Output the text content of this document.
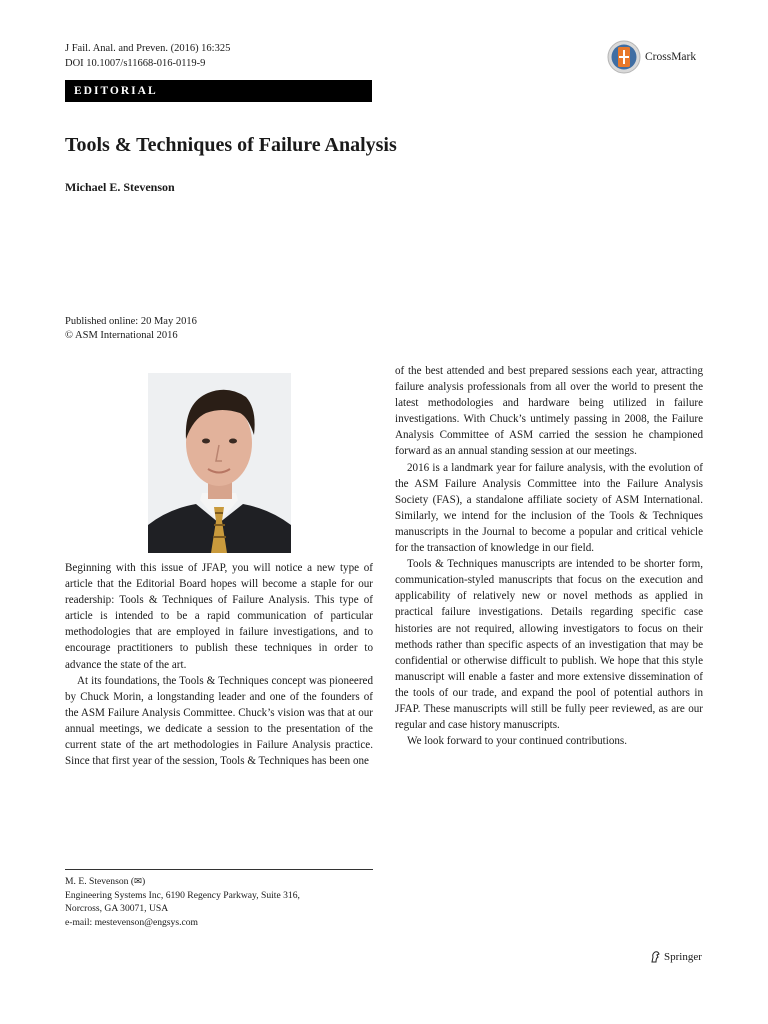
J Fail. Anal. and Preven. (2016) 16:325
DOI 10.1007/s11668-016-0119-9
CrossMark
EDITORIAL
Tools & Techniques of Failure Analysis
Michael E. Stevenson
Published online: 20 May 2016
© ASM International 2016

Beginning with this issue of JFAP, you will notice a new type of article that the Editorial Board hopes will become a staple for our readership: Tools & Techniques of Failure Analysis. This type of article is intended to be a rapid communication of particular methodologies that are employed in failure investigations, and to encourage practitioners to publish these techniques in order to advance the state of the art.

At its foundations, the Tools & Techniques concept was pioneered by Chuck Morin, a longstanding leader and one of the founders of the ASM Failure Analysis Committee. Chuck’s vision was that at our annual meetings, we dedicate a session to the presentation of the current state of the art methodologies in Failure Analysis practice. Since that first year of the session, Tools & Techniques has been one

of the best attended and best prepared sessions each year, attracting failure analysis professionals from all over the world to present the latest methodologies and hardware being utilized in failure investigations. With Chuck’s untimely passing in 2008, the Failure Analysis Committee of ASM carried the session he championed forward as an annual standing session at our meetings.

2016 is a landmark year for failure analysis, with the evolution of the ASM Failure Analysis Committee into the Failure Analysis Society (FAS), a standalone affiliate society of ASM International. Similarly, we intend for the inclusion of the Tools & Techniques manuscripts in the Journal to become a popular and critical vehicle for the transaction of knowledge in our field.

Tools & Techniques manuscripts are intended to be shorter form, communication-styled manuscripts that focus on the execution and applicability of relatively new or novel methods as applied in practical failure investigations. Details regarding specific case histories are not required, allowing investigators to focus on their methods rather than specific aspects of an investigation that may be confidential or otherwise difficult to publish. We hope that this style manuscript will enable a faster and more extensive dissemination of the tools of our trade, and expand the pool of potential authors in JFAP. These manuscripts will still be fully peer reviewed, as are our regular and case history manuscripts.

We look forward to your continued contributions.

M. E. Stevenson (✉)
Engineering Systems Inc, 6190 Regency Parkway, Suite 316,
Norcross, GA 30071, USA
e-mail: mestevenson@engsys.com
Springer
